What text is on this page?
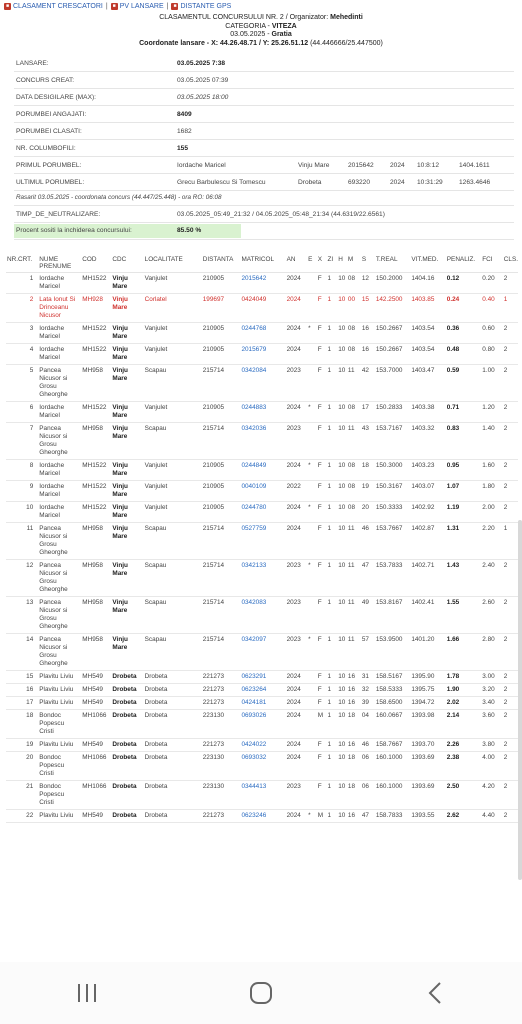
■ CLASAMENT CRESCATORI | ■ PV LANSARE | ■ DISTANTE GPS
CLASAMENTUL CONCURSULUI NR. 2 / Organizator: Mehedinti
CATEGORIA - VITEZA
03.05.2025 - Gratia
Coordonate lansare - X: 44.26.48.71 / Y: 25.26.51.12 (44.446666/25.447500)
LANSARE:	03.05.2025 7:38
CONCURS CREAT:	03.05.2025 07:39
DATA DESIGILARE (MAX):	03.05.2025 18:00
PORUMBEI ANGAJATI:	8409
PORUMBEI CLASATI:	1682
NR. COLUMBOFILI:	155
PRIMUL PORUMBEL:	Iordache Maricel	Vinju Mare	2015642	2024	10:8:12	1404.1611
ULTIMUL PORUMBEL:	Grecu Barbulescu Si Tomescu	Drobeta	693220	2024	10:31:29	1263.4646
Rasarit 03.05.2025 - coordonata concurs (44.447/25.448) - ora RO: 06:08
TIMP_DE_NEUTRALIZARE:	03.05.2025_05:49_21:32 / 04.05.2025_05:48_21:34 (44.6319/22.6561)
Procent sositi la inchiderea concursului:	85.50 %
NR.CRT.	NUME PRENUME	COD	CDC	LOCALITATE	DISTANTA	MATRICOL	AN	E	X	ZI	H	M	S	T.REAL	VIT.MED.	PENALIZ.	FCI	CLS.
1	Iordache Maricel	MH1522	Vinju Mare	Vanjulet	210905	2015642	2024		F	1	10	08	12	150.2000	1404.16	0.12	0.20	2
2	Lata Ionut Si Drinceanu Nicusor	MH928	Vinju Mare	Corlatel	199697	0424049	2024		F	1	10	00	15	142.2500	1403.85	0.24	0.40	1
3	Iordache Maricel	MH1522	Vinju Mare	Vanjulet	210905	0244768	2024	*	F	1	10	08	16	150.2667	1403.54	0.36	0.60	2
4	Iordache Maricel	MH1522	Vinju Mare	Vanjulet	210905	2015679	2024		F	1	10	08	16	150.2667	1403.54	0.48	0.80	2
5	Pancea Nicusor si Grosu Gheorghe	MH958	Vinju Mare	Scapau	215714	0342084	2023		F	1	10	11	42	153.7000	1403.47	0.59	1.00	2
6	Iordache Maricel	MH1522	Vinju Mare	Vanjulet	210905	0244883	2024	*	F	1	10	08	17	150.2833	1403.38	0.71	1.20	2
7	Pancea Nicusor si Grosu Gheorghe	MH958	Vinju Mare	Scapau	215714	0342036	2023		F	1	10	11	43	153.7167	1403.32	0.83	1.40	2
8	Iordache Maricel	MH1522	Vinju Mare	Vanjulet	210905	0244849	2024	*	F	1	10	08	18	150.3000	1403.23	0.95	1.60	2
9	Iordache Maricel	MH1522	Vinju Mare	Vanjulet	210905	0040109	2022		F	1	10	08	19	150.3167	1403.07	1.07	1.80	2
10	Iordache Maricel	MH1522	Vinju Mare	Vanjulet	210905	0244780	2024	*	F	1	10	08	20	150.3333	1402.92	1.19	2.00	2
11	Pancea Nicusor si Grosu Gheorghe	MH958	Vinju Mare	Scapau	215714	0527759	2024		F	1	10	11	46	153.7667	1402.87	1.31	2.20	1
12	Pancea Nicusor si Grosu Gheorghe	MH958	Vinju Mare	Scapau	215714	0342133	2023	*	F	1	10	11	47	153.7833	1402.71	1.43	2.40	2
13	Pancea Nicusor si Grosu Gheorghe	MH958	Vinju Mare	Scapau	215714	0342083	2023		F	1	10	11	49	153.8167	1402.41	1.55	2.60	2
14	Pancea Nicusor si Grosu Gheorghe	MH958	Vinju Mare	Scapau	215714	0342097	2023	*	F	1	10	11	57	153.9500	1401.20	1.66	2.80	2
15	Plavitu Liviu	MH549	Drobeta	Drobeta	221273	0623291	2024		F	1	10	16	31	158.5167	1395.90	1.78	3.00	2
16	Plavitu Liviu	MH549	Drobeta	Drobeta	221273	0623264	2024		F	1	10	16	32	158.5333	1395.75	1.90	3.20	2
17	Plavitu Liviu	MH549	Drobeta	Drobeta	221273	0424181	2024		F	1	10	16	39	158.6500	1394.72	2.02	3.40	2
18	Bondoc Popescu Cristi	MH1066	Drobeta	Drobeta	223130	0693026	2024		M	1	10	18	04	160.0667	1393.98	2.14	3.60	2
19	Plavitu Liviu	MH549	Drobeta	Drobeta	221273	0424022	2024		F	1	10	16	46	158.7667	1393.70	2.26	3.80	2
20	Bondoc Popescu Cristi	MH1066	Drobeta	Drobeta	223130	0693032	2024		F	1	10	18	06	160.1000	1393.69	2.38	4.00	2
21	Bondoc Popescu Cristi	MH1066	Drobeta	Drobeta	223130	0344413	2023		F	1	10	18	06	160.1000	1393.69	2.50	4.20	2
22	Plavitu Liviu	MH549	Drobeta	Drobeta	221273	0623246	2024	*	M	1	10	16	47	158.7833	1393.55	2.62	4.40	2
